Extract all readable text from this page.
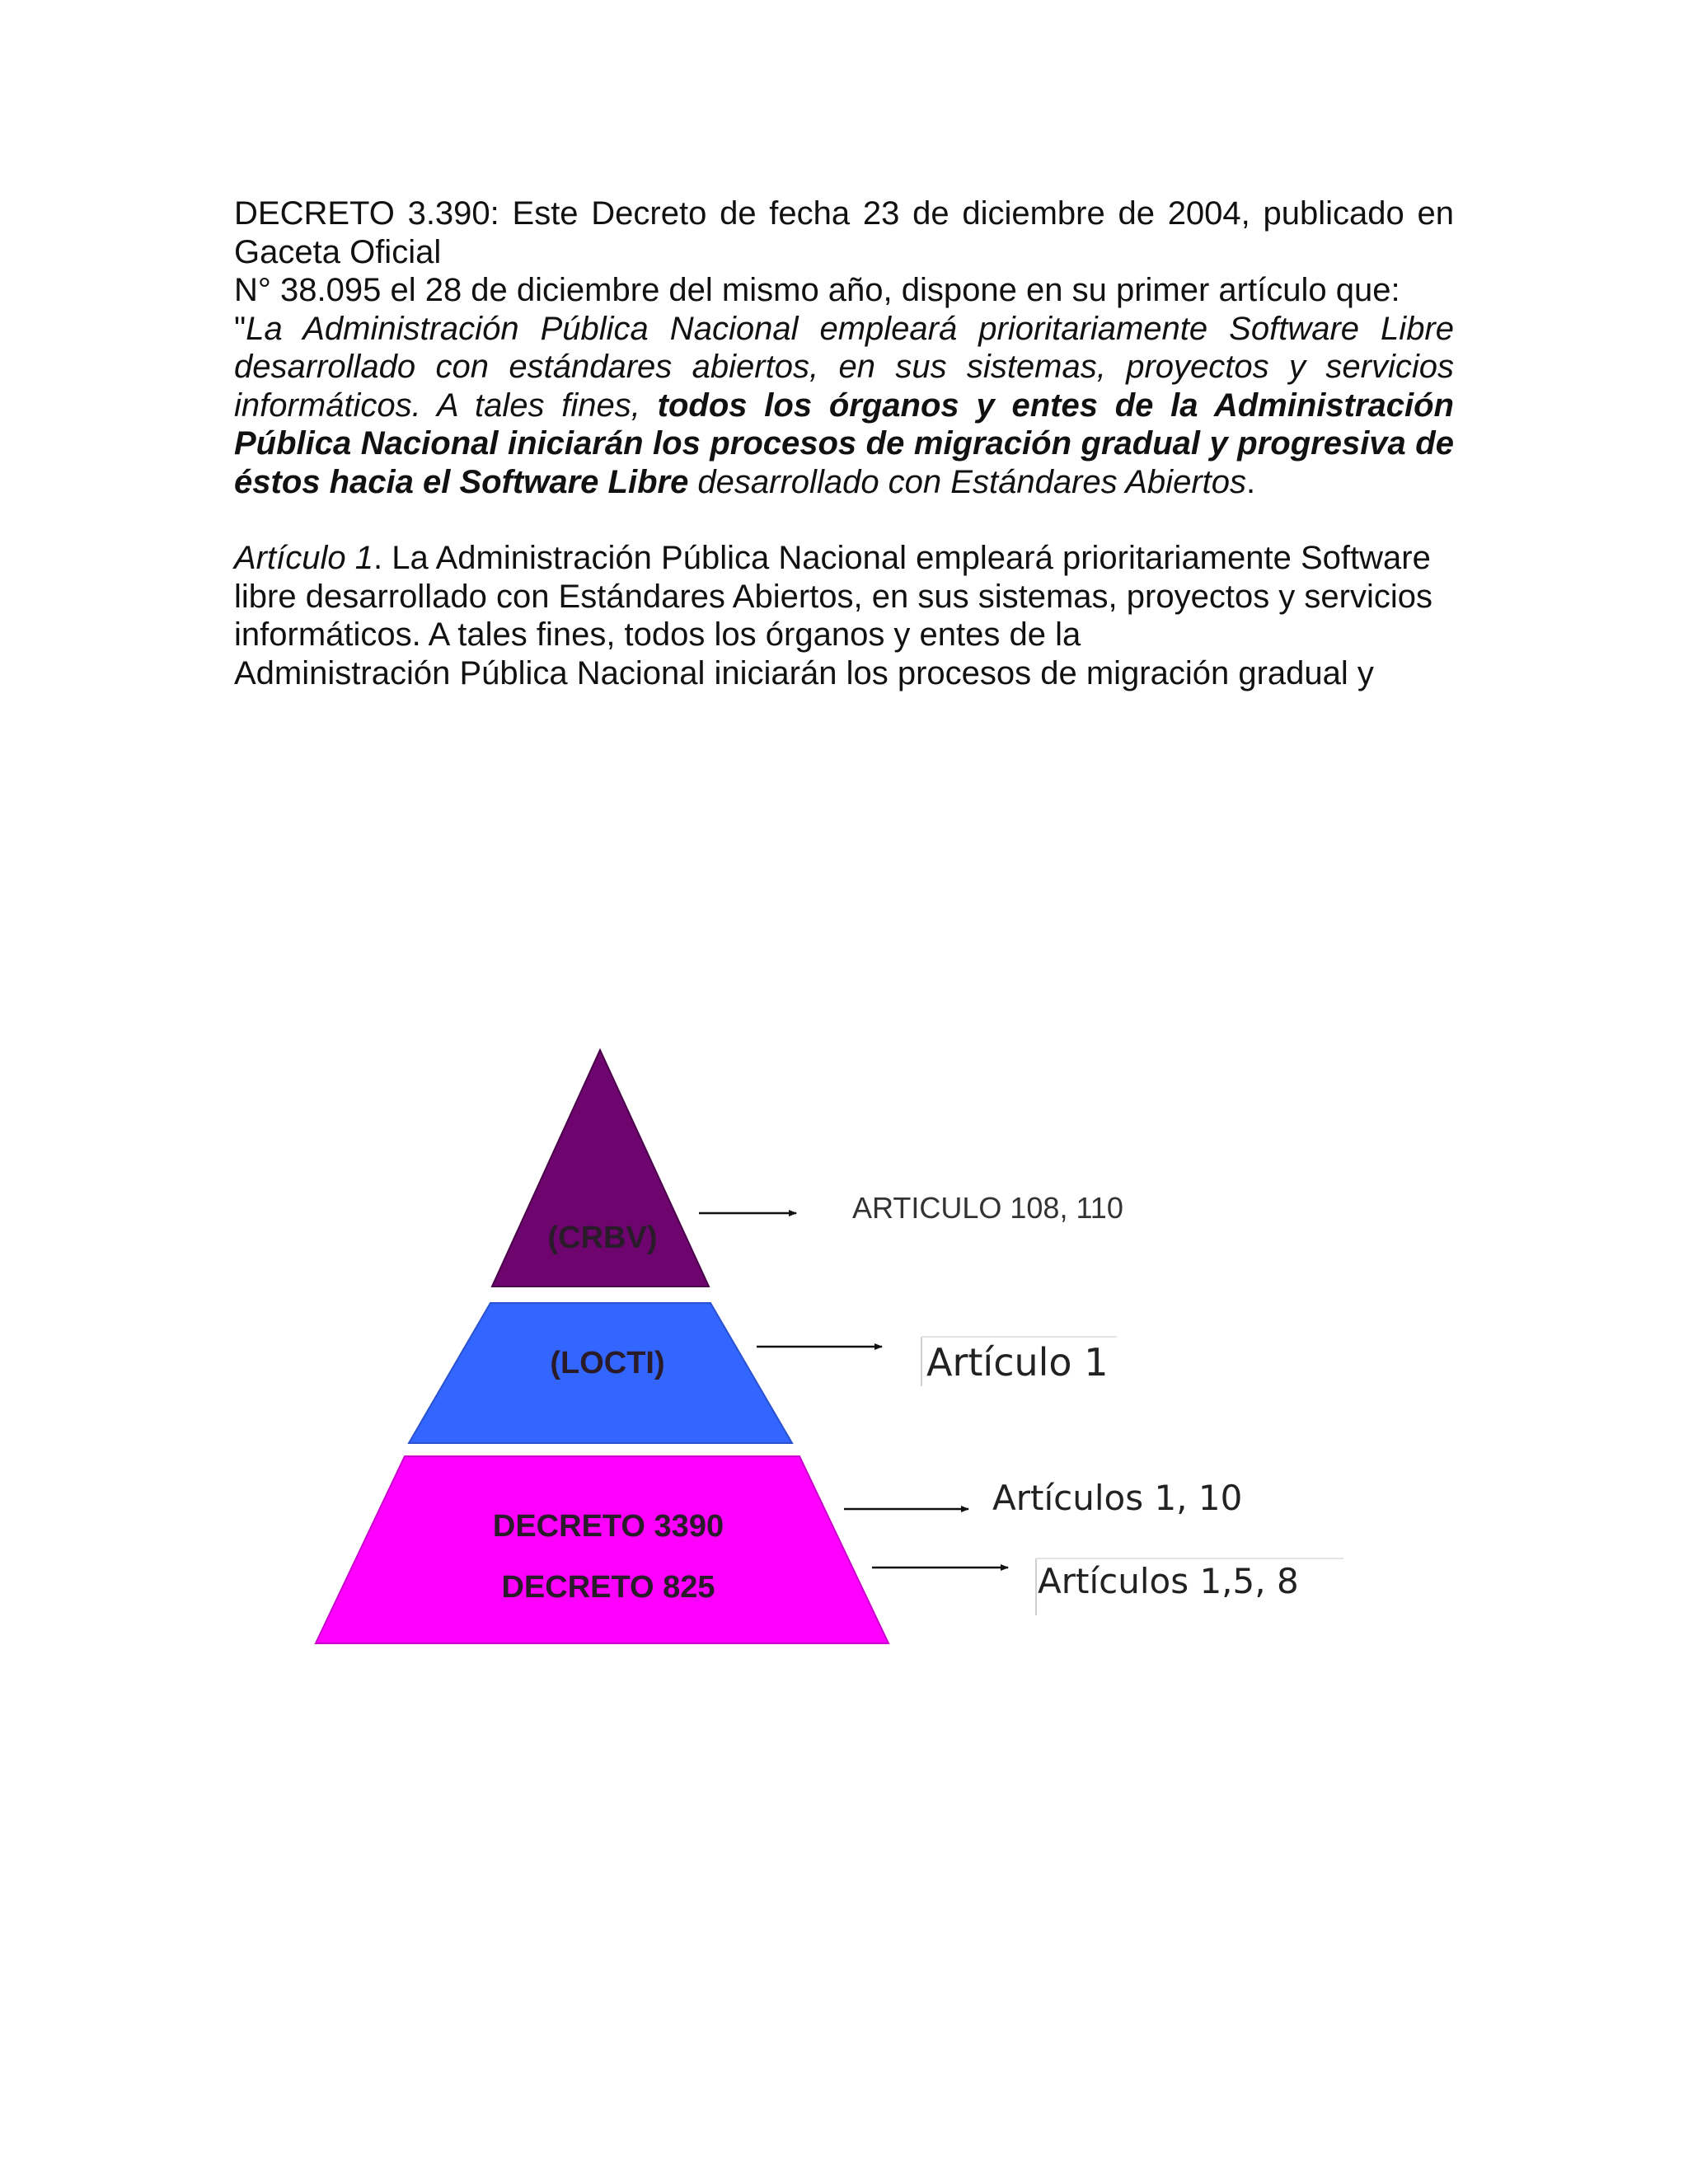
DECRETO 3.390: Este Decreto de fecha 23 de diciembre de 2004, publicado en

Gaceta Oficial

N° 38.095 el 28 de diciembre del mismo año, dispone en su primer artículo que:
"La Administración Pública Nacional empleará prioritariamente Software Libre desarrollado con estándares abiertos, en sus sistemas, proyectos y servicios informáticos. A tales fines, todos los órganos y entes de la Administración Pública Nacional iniciarán los procesos de migración gradual y progresiva de éstos hacia el Software Libre desarrollado con Estándares Abiertos.

Artículo 1. La Administración Pública Nacional empleará prioritariamente Software libre desarrollado con Estándares Abiertos, en sus sistemas, proyectos y servicios informáticos. A tales fines, todos los órganos y entes de la
Administración Pública Nacional iniciarán los procesos de migración gradual y

(CRBV)
(LOCTI)
DECRETO 3390
DECRETO 825
ARTICULO 108, 110
Artículo 1
Artículos 1, 10
Artículos 1,5, 8
